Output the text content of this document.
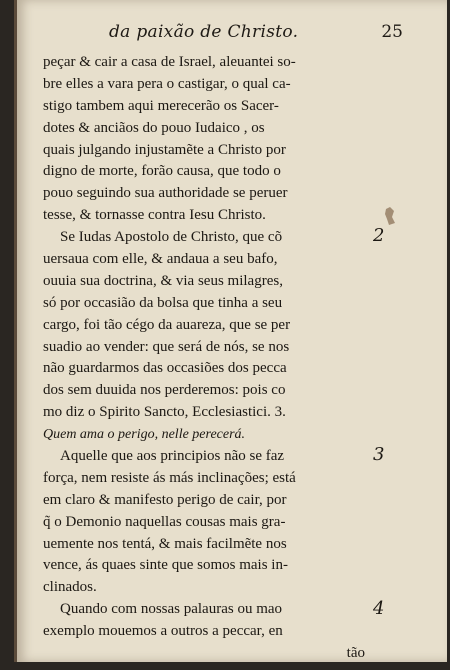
da paixão de Christo.	25
peçar & cair a casa de Israel, aleuantei so-
bre elles a vara pera o castigar, o qual ca-
stigo tambem aqui merecerão os Sacer-
dotes & anciãos do pouo Iudaico , os
quais julgando injustamẽte a Christo por
digno de morte, forão causa, que todo o
pouo seguindo sua authoridade se peruer
tesse, & tornasse contra Iesu Christo.
Se Iudas Apostolo de Christo, que cõ
uersaua com elle, & andaua a seu bafo,
ouuia sua doctrina, & via seus milagres,
só por occasião da bolsa que tinha a seu
cargo, foi tão cégo da auareza, que se per
suadio ao vender: que será de nós, se nos
não guardarmos das occasiões dos pecca
dos sem duuida nos perderemos: pois co
mo diz o Spirito Sancto, Ecclesiastici. 3.
Quem ama o perigo, nelle perecerá.
Aquelle que aos principios não se faz
força, nem resiste ás más inclinações; está
em claro & manifesto perigo de cair, por
q̃ o Demonio naquellas cousas mais gra-
uemente nos tentá, & mais facilmẽte nos
vence, ás quaes sinte que somos mais in-
clinados.
Quando com nossas palauras ou mao
exemplo mouemos a outros a peccar, en
tão
2
3
4
